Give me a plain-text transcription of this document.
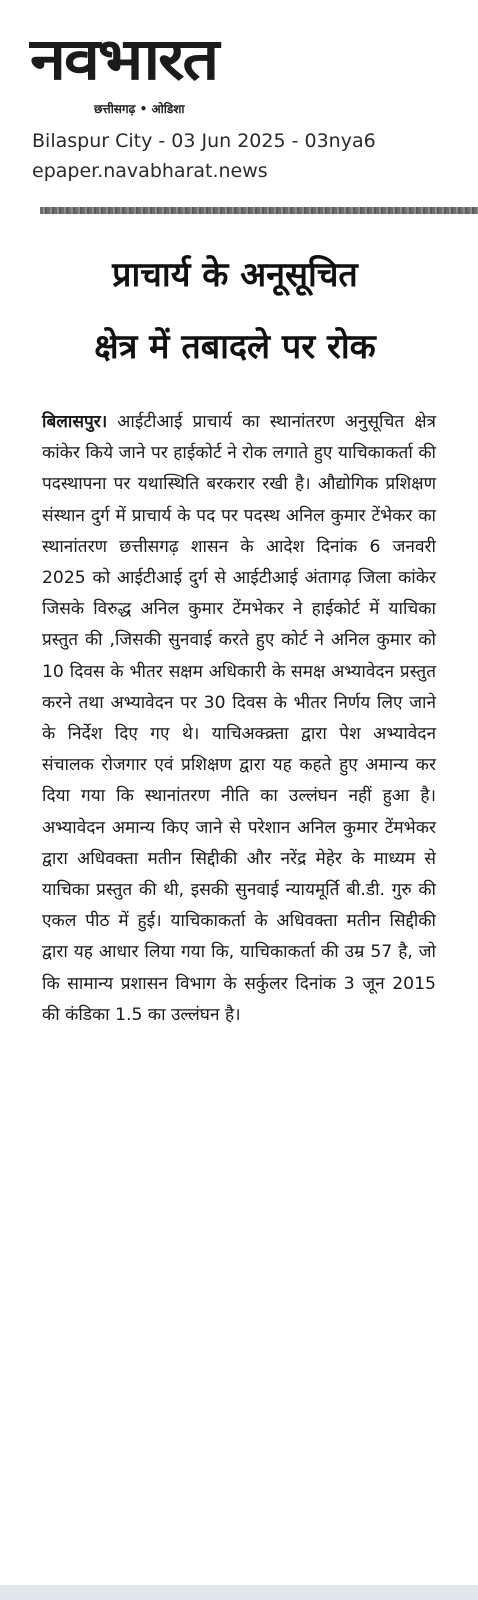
नवभारत
छत्तीसगढ़ • ओडिशा
Bilaspur City - 03 Jun 2025 - 03nya6
epaper.navabharat.news
प्राचार्य के अनूसूचित
क्षेत्र में तबादले पर रोक
बिलासपुर। आईटीआई प्राचार्य का स्थानांतरण अनुसूचित क्षेत्र कांकेर किये जाने पर हाईकोर्ट ने रोक लगाते हुए याचिकाकर्ता की पदस्थापना पर यथास्थिति बरकरार रखी है। औद्योगिक प्रशिक्षण संस्थान दुर्ग में प्राचार्य के पद पर पदस्थ अनिल कुमार टेंभेकर का स्थानांतरण छत्तीसगढ़ शासन के आदेश दिनांक 6 जनवरी 2025 को आईटीआई दुर्ग से आईटीआई अंतागढ़ जिला कांकेर जिसके विरुद्ध अनिल कुमार टेंमभेकर ने हाईकोर्ट में याचिका प्रस्तुत की ,जिसकी सुनवाई करते हुए कोर्ट ने अनिल कुमार को 10 दिवस के भीतर सक्षम अधिकारी के समक्ष अभ्यावेदन प्रस्तुत करने तथा अभ्यावेदन पर 30 दिवस के भीतर निर्णय लिए जाने के निर्देश दिए गए थे। याचिअक्क्र्ता द्वारा पेश अभ्यावेदन संचालक रोजगार एवं प्रशिक्षण द्वारा यह कहते हुए अमान्य कर दिया गया कि स्थानांतरण नीति का उल्लंघन नहीं हुआ है। अभ्यावेदन अमान्य किए जाने से परेशान अनिल कुमार टेंमभेकर द्वारा अधिवक्ता मतीन सिद्दीकी और नरेंद्र मेहेर के माध्यम से याचिका प्रस्तुत की थी, इसकी सुनवाई न्यायमूर्ति बी.डी. गुरु की एकल पीठ में हुई। याचिकाकर्ता के अधिवक्ता मतीन सिद्दीकी द्वारा यह आधार लिया गया कि, याचिकाकर्ता की उम्र 57 है, जो कि सामान्य प्रशासन विभाग के सर्कुलर दिनांक 3 जून 2015 की कंडिका 1.5 का उल्लंघन है।
